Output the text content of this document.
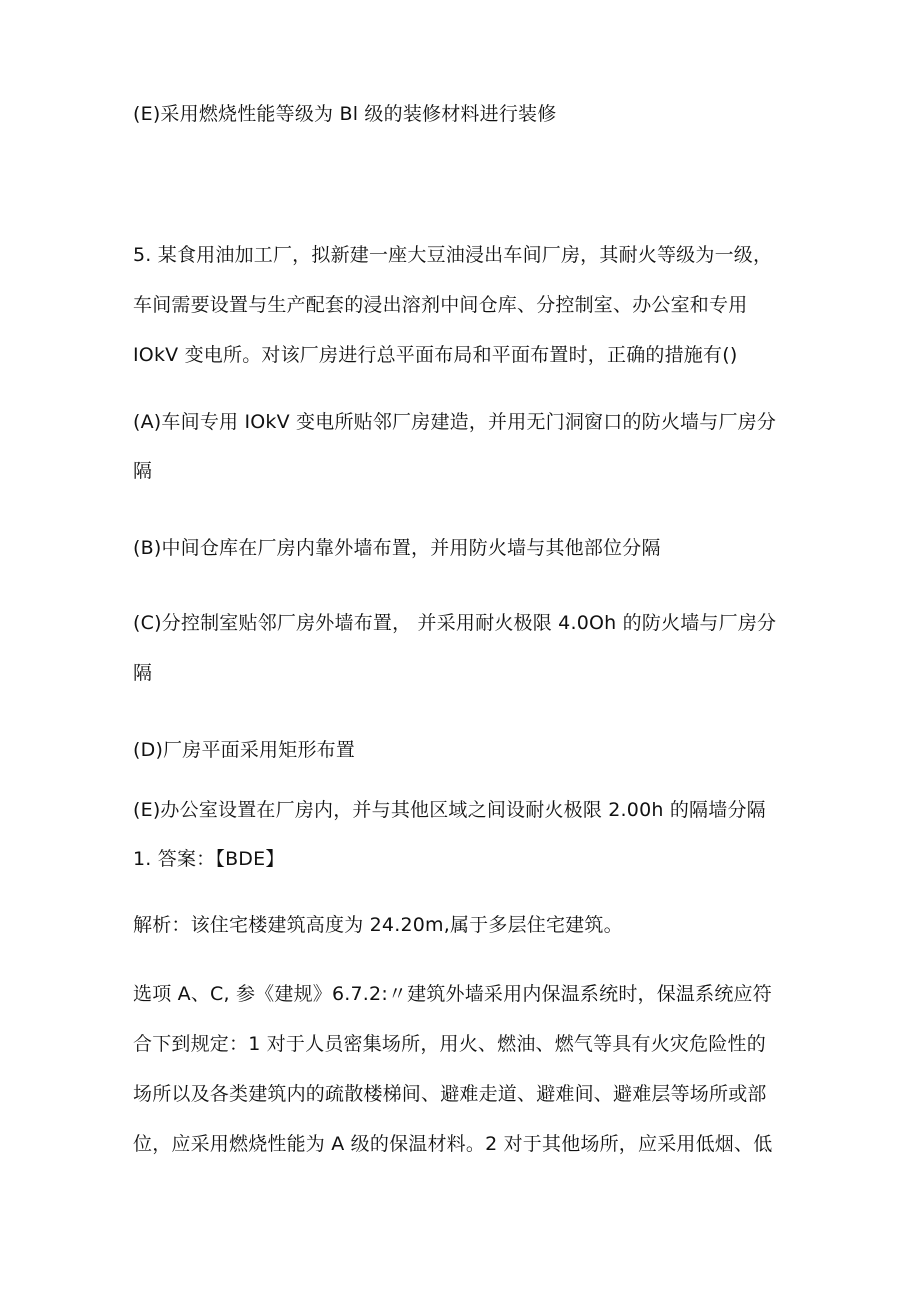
(E)采用燃烧性能等级为 Bl 级的装修材料进行装修
5. 某食用油加工厂，拟新建一座大豆油浸出车间厂房，其耐火等级为一级，
车间需要设置与生产配套的浸出溶剂中间仓库、分控制室、办公室和专用
IOkV 变电所。对该厂房进行总平面布局和平面布置时，正确的措施有()
(A)车间专用 IOkV 变电所贴邻厂房建造，并用无门洞窗口的防火墙与厂房分
隔
(B)中间仓库在厂房内靠外墙布置，并用防火墙与其他部位分隔
(C)分控制室贴邻厂房外墙布置， 并采用耐火极限 4.0Oh 的防火墙与厂房分
隔
(D)厂房平面采用矩形布置
(E)办公室设置在厂房内，并与其他区域之间设耐火极限 2.00h 的隔墙分隔
1. 答案：【BDE】
解析：该住宅楼建筑高度为 24.20m,属于多层住宅建筑。
选项 A、C, 参《建规》6.7.2:〃建筑外墙采用内保温系统时，保温系统应符
合下到规定：1 对于人员密集场所，用火、燃油、燃气等具有火灾危险性的
场所以及各类建筑内的疏散楼梯间、避难走道、避难间、避难层等场所或部
位，应采用燃烧性能为 A 级的保温材料。2 对于其他场所，应采用低烟、低
